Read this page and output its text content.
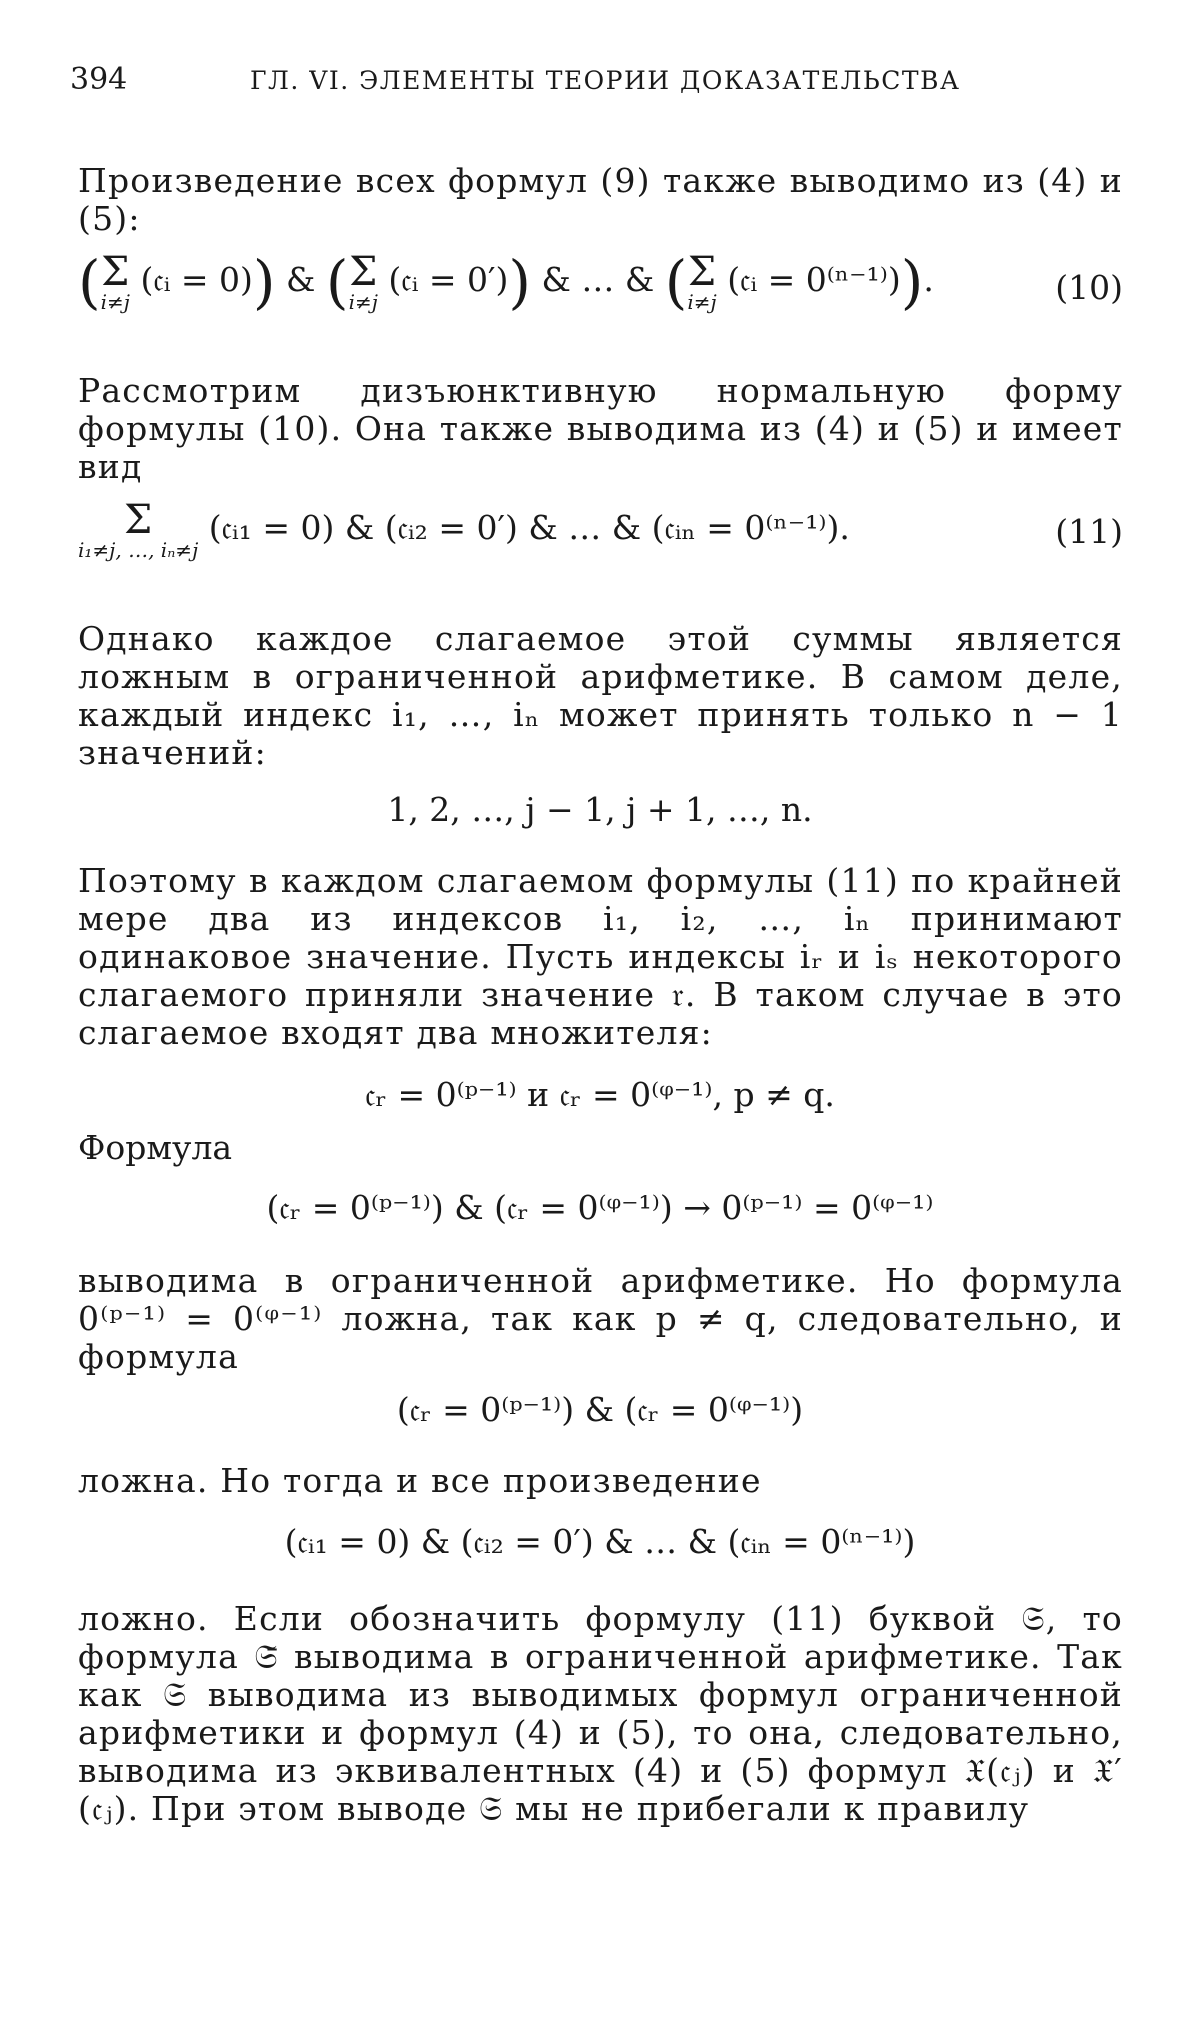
394	ГЛ. VI. ЭЛЕМЕНТЫ ТЕОРИИ ДОКАЗАТЕЛЬСТВА

Произведение всех формул (9) также выводимо из (4) и (5):

( Σ
i≠j
(𝔠ᵢ = 0)) & ( Σ
i≠j
(𝔠ᵢ = 0′)) & … & ( Σ
i≠j
(𝔠ᵢ = 0⁽ⁿ⁻¹⁾)).	(10)

Рассмотрим дизъюнктивную нормальную форму формулы (10). Она также выводима из (4) и (5) и имеет вид

Σ
i₁≠j, …, iₙ≠j
(𝔠ᵢ₁ = 0) & (𝔠ᵢ₂ = 0′) & … & (𝔠ᵢₙ = 0⁽ⁿ⁻¹⁾).	(11)

Однако каждое слагаемое этой суммы является ложным в ограниченной арифметике. В самом деле, каждый индекс i₁, …, iₙ может принять только n − 1 значений:

1, 2, …, j − 1, j + 1, …, n.

Поэтому в каждом слагаемом формулы (11) по крайней мере два из индексов i₁, i₂, …, iₙ принимают одинаковое значение. Пусть индексы iᵣ и iₛ некоторого слагаемого приняли значение 𝔯. В таком случае в это слагаемое входят два множителя:

𝔠ᵣ = 0⁽ᵖ⁻¹⁾ и 𝔠ᵣ = 0⁽ᵠ⁻¹⁾, p ≠ q.
Формула
(𝔠ᵣ = 0⁽ᵖ⁻¹⁾) & (𝔠ᵣ = 0⁽ᵠ⁻¹⁾) → 0⁽ᵖ⁻¹⁾ = 0⁽ᵠ⁻¹⁾

выводима в ограниченной арифметике. Но формула 0⁽ᵖ⁻¹⁾ = 0⁽ᵠ⁻¹⁾ ложна, так как p ≠ q, следовательно, и формула

(𝔠ᵣ = 0⁽ᵖ⁻¹⁾) & (𝔠ᵣ = 0⁽ᵠ⁻¹⁾)

ложна. Но тогда и все произведение

(𝔠ᵢ₁ = 0) & (𝔠ᵢ₂ = 0′) & … & (𝔠ᵢₙ = 0⁽ⁿ⁻¹⁾)

ложно. Если обозначить формулу (11) буквой 𝔖, то формула 𝔖̄ выводима в ограниченной арифметике. Так как 𝔖 выводима из выводимых формул ограниченной арифметики и формул (4) и (5), то она, следовательно, выводима из эквивалентных (4) и (5) формул 𝔛(𝔠ⱼ) и 𝔛′(𝔠ⱼ). При этом выводе 𝔖 мы не прибегали к правилу
